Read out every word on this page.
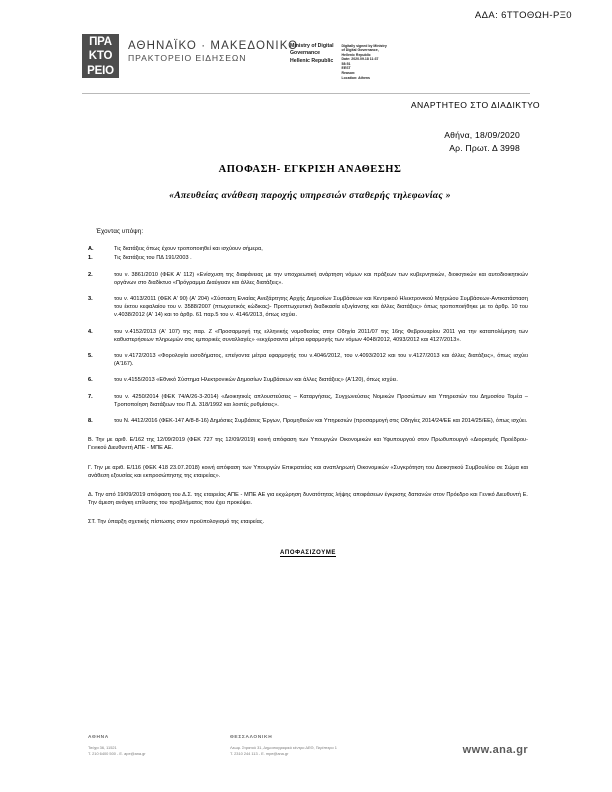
ΑΔΑ: 6ΤΤΟΘΩΗ-ΡΞ0
ΠΡΑ
ΚΤΟ
ΡΕΙΟ
ΑΘΗΝΑΪΚΟ · ΜΑΚΕΔΟΝΙΚΟ
ΠΡΑΚΤΟΡΕΙΟ ΕΙΔΗΣΕΩΝ
Ministry of Digital
Governance
Hellenic Republic
Digitally signed by Ministry
of Digital Governance,
Hellenic Republic
Date: 2020.09.18 11:37
58:51
EEST
Reason:
Location: Athens
ΑΝΑΡΤΗΤΕΟ ΣΤΟ ΔΙΑΔΙΚΤΥΟ
Αθήνα, 18/09/2020
Αρ. Πρωτ. Δ 3998
ΑΠΟΦΑΣΗ- ΕΓΚΡΙΣΗ ΑΝΑΘΕΣΗΣ
«Απευθείας ανάθεση παροχής υπηρεσιών σταθερής τηλεφωνίας »
Έχοντας υπόψη:
Α.	Τις διατάξεις όπως έχουν τροποποιηθεί και ισχύουν σήμερα,
1.	Τις διατάξεις του ΠΔ 191/2003 .
2.	του ν. 3861/2010 (ΦΕΚ Α' 112) «Ενίσχυση της διαφάνειας με την υποχρεωτική ανάρτηση νόμων και πράξεων των κυβερνητικών, διοικητικών και αυτοδιοικητικών οργάνων στο διαδίκτυο «Πρόγραμμα Διαύγειαν και άλλες διατάξεις».
3.	του ν. 4013/2011 (ΦΕΚ Α' 90) (Α' 204) «Σύσταση Ενιαίας Ανεξάρτητης Αρχής Δημοσίων Συμβάσεων και Κεντρικού Ηλεκτρονικού Μητρώου Συμβάσεων-Αντικατάσταση του έκτου κεφαλαίου του ν. 3588/2007 (πτωχευτικός κώδικας)- Προπτωχευτική διαδικασία εξυγίανσης και άλλες διατάξεις» όπως τροποποιήθηκε με το άρθρ. 10 του ν.4038/2012 (Α' 14) και το άρθρ. 61 παρ.5 του ν. 4146/2013, όπως ισχύει.
4.	του ν.4152/2013 (Α' 107) της παρ. Ζ «Προσαρμογή της ελληνικής νομοθεσίας στην Οδηγία 2011/07 της 16ης Φεβρουαρίου 2011 για την καταπολέμηση των καθυστερήσεων πληρωμών στις εμπορικές συναλλαγές» «εκχέρσαντα μέτρα εφαρμογής των νόμων 4048/2012, 4093/2012 και 4127/2013».
5.	του ν.4172/2013 «Φορολογία εισοδήματος, επείγοντα μέτρα εφαρμογής του ν.4046/2012, του ν.4093/2012 και του ν.4127/2013 και άλλες διατάξεις», όπως ισχύει (Α'167).
6.	του ν.4155/2013 «Εθνικό Σύστημα Ηλεκτρονικών Δημοσίων Συμβάσεων και άλλες διατάξεις» (Α'120), όπως ισχύει.
7.	του ν. 4250/2014 (ΦΕΚ 74/Α/26-3-2014) «Διοικητικές απλουστεύσεις – Καταργήσεις, Συγχωνεύσεις Νομικών Προσώπων και Υπηρεσιών του Δημοσίου Τομέα – Τροποποίηση διατάξεων του Π.Δ. 318/1992 και λοιπές ρυθμίσεις».
8.	του Ν. 4412/2016 (ΦΕΚ-147 Α/8-8-16) Δημόσιες Συμβάσεις Έργων, Προμηθειών και Υπηρεσιών (προσαρμογή στις Οδηγίες 2014/24/ΕΕ και 2014/25/ΕΕ), όπως ισχύει.
Β. Την με αριθ. Ε/162 της 12/09/2019 (ΦΕΚ 727 της 12/09/2019) κοινή απόφαση των Υπουργών Οικονομικών και Υφυπουργού στον Πρωθυπουργό «Διορισμός Προέδρου-Γενικού Διευθυντή ΑΠΕ - ΜΠΕ ΑΕ.
Γ. Την με αριθ. Ε/116 (ΦΕΚ 418 23.07.2018) κοινή απόφαση των Υπουργών Επικρατείας και αναπληρωτή Οικονομικών «Συγκρότηση του Διοικητικού Συμβουλίου σε Σώμα και ανάθεση εξουσίας και εκπροσώπησης της εταιρείας».
Δ. Την από 19/09/2019 απόφαση του Δ.Σ. της εταιρείας ΑΠΕ - ΜΠΕ ΑΕ για εκχώρηση δυνατότητας λήψης αποφάσεων έγκρισης δαπανών στον Πρόεδρο και Γενικό Διευθυντή Ε. Την άμεση ανάγκη επίλυσης του προβλήματος που έχει προκύψει.
ΣΤ. Την ύπαρξη σχετικής πίστωσης στον προϋπολογισμό της εταιρείας.
ΑΠΟΦΑΣΙΖΟΥΜΕ
ΑΘΗΝΑ
Τσόχα 36, 11521
Τ. 210 6400 500 - E. ape@ana.gr
ΘΕΣΣΑΛΟΝΙΚΗ
Λεωφ. Στρατού 31, Δημοσιογραφικό κέντρο ΔΕΘ, Περίπτερο 1
Τ. 2310 244 113 - E. mpe@ana.gr	www.ana.gr
